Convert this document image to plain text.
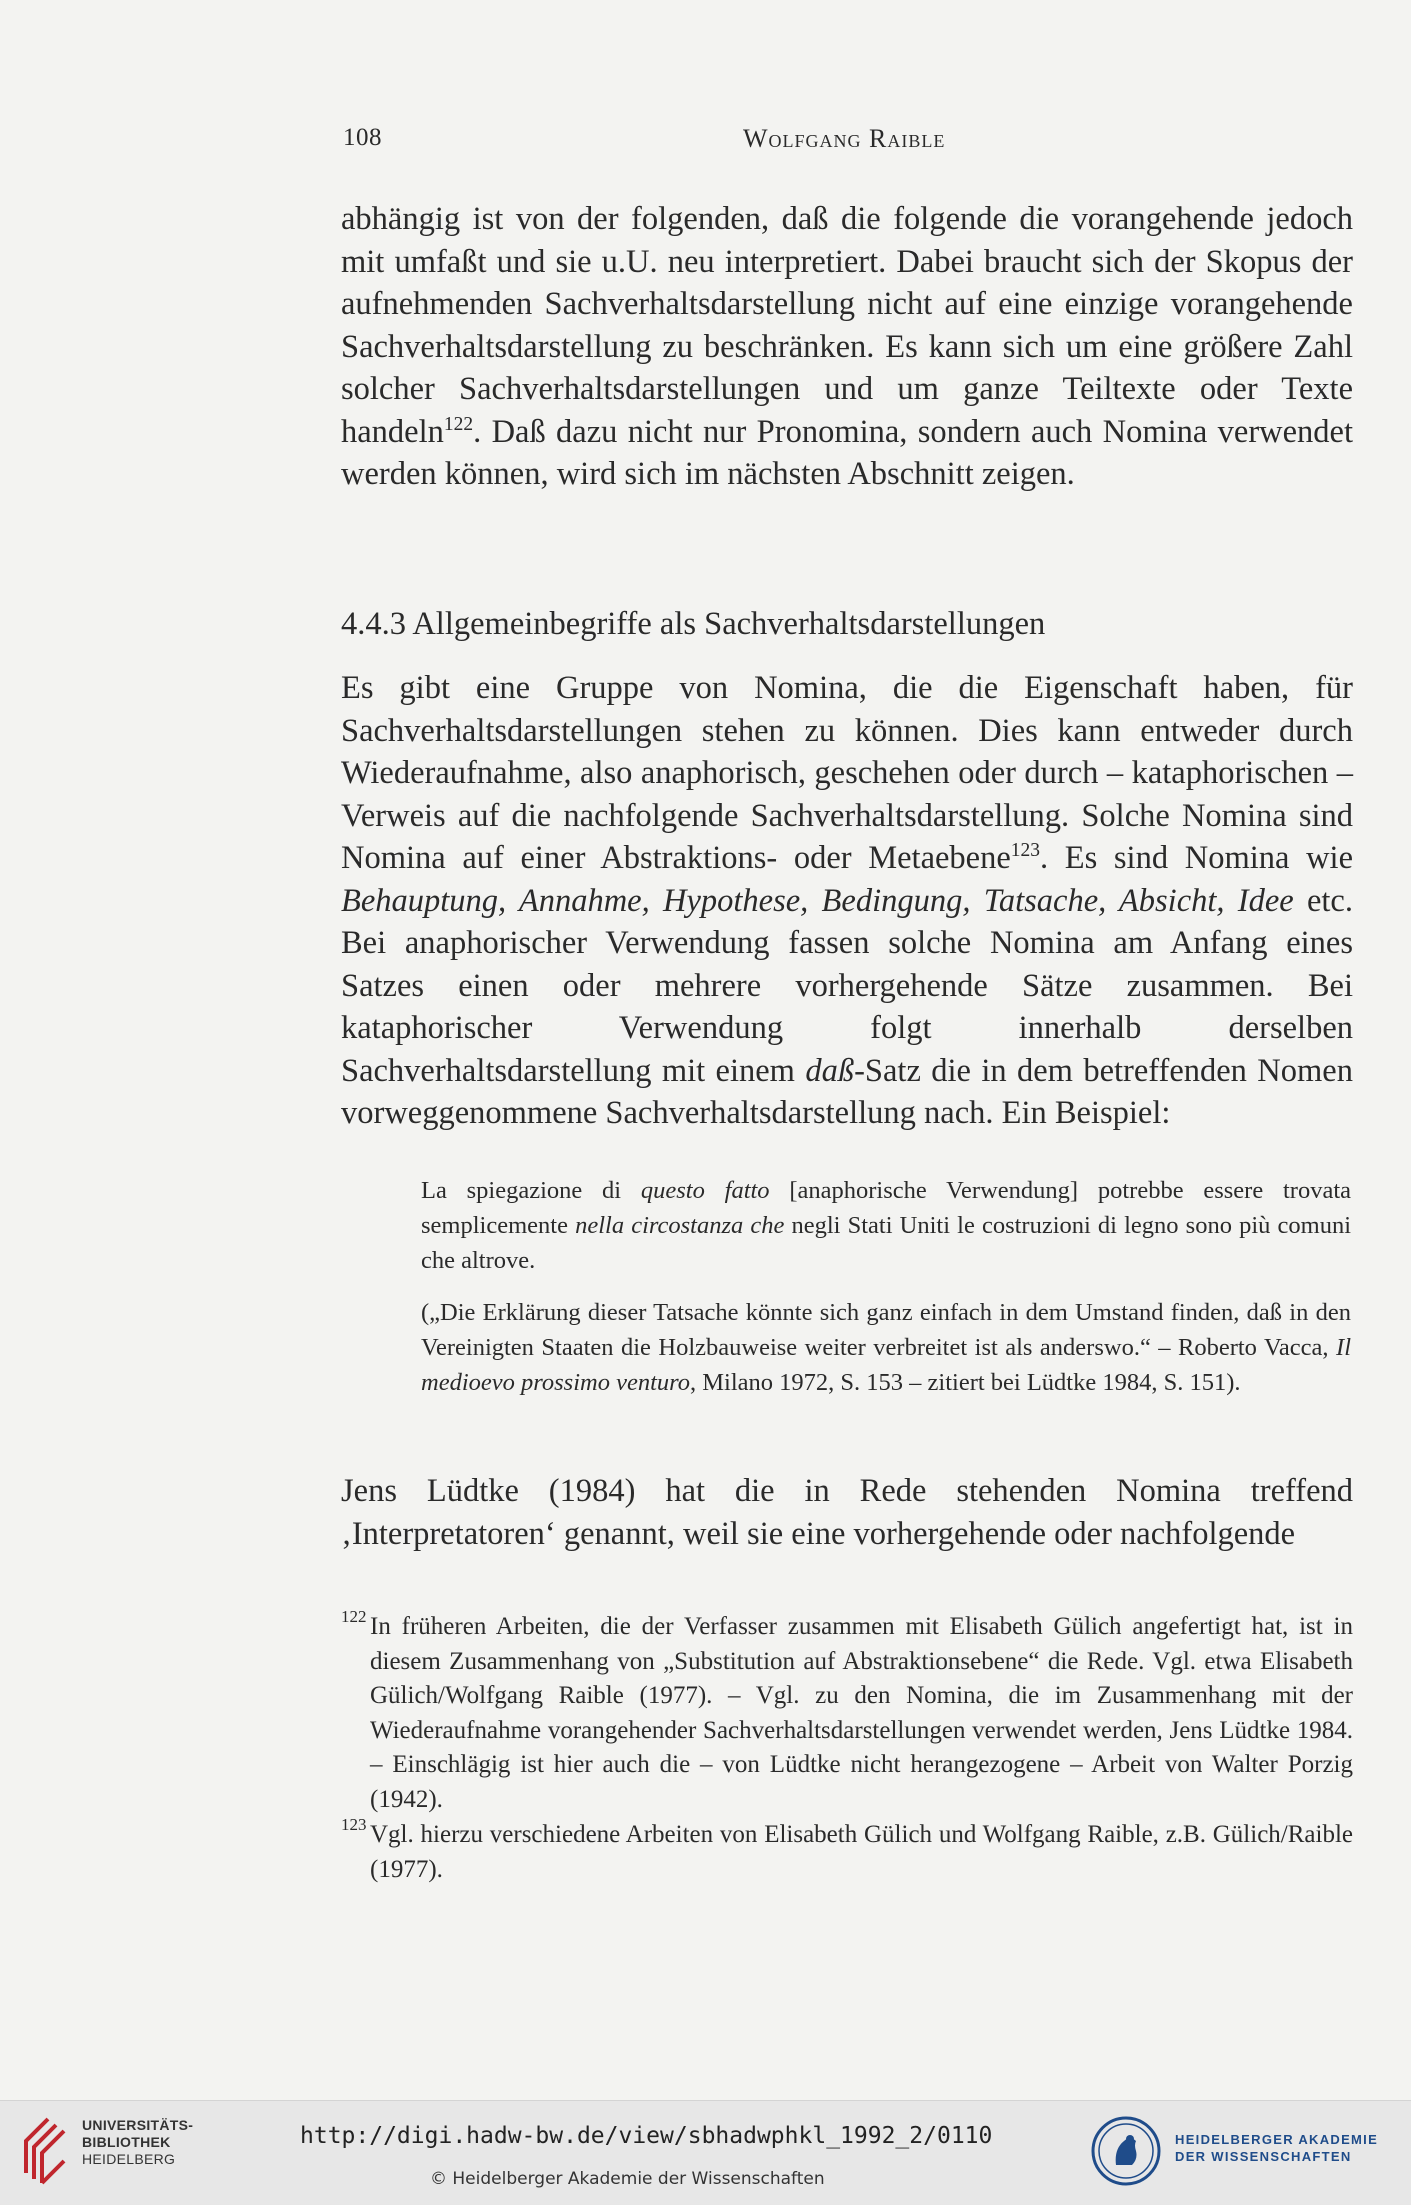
108	Wolfgang Raible
abhängig ist von der folgenden, daß die folgende die vorangehende jedoch mit umfaßt und sie u.U. neu interpretiert. Dabei braucht sich der Skopus der aufnehmenden Sachverhaltsdarstellung nicht auf eine einzige vorangehende Sachverhaltsdarstellung zu beschränken. Es kann sich um eine größere Zahl solcher Sachverhaltsdarstellungen und um ganze Teiltexte oder Texte handeln$^{122}$. Daß dazu nicht nur Pronomina, sondern auch Nomina verwendet werden können, wird sich im nächsten Abschnitt zeigen.
4.4.3 Allgemeinbegriffe als Sachverhaltsdarstellungen
Es gibt eine Gruppe von Nomina, die die Eigenschaft haben, für Sachverhaltsdarstellungen stehen zu können. Dies kann entweder durch Wiederaufnahme, also anaphorisch, geschehen oder durch – kataphorischen – Verweis auf die nachfolgende Sachverhaltsdarstellung. Solche Nomina sind Nomina auf einer Abstraktions- oder Metaebene$^{123}$. Es sind Nomina wie Behauptung, Annahme, Hypothese, Bedingung, Tatsache, Absicht, Idee etc. Bei anaphorischer Verwendung fassen solche Nomina am Anfang eines Satzes einen oder mehrere vorhergehende Sätze zusammen. Bei kataphorischer Verwendung folgt innerhalb derselben Sachverhaltsdarstellung mit einem daß-Satz die in dem betreffenden Nomen vorweggenommene Sachverhaltsdarstellung nach. Ein Beispiel:
La spiegazione di questo fatto [anaphorische Verwendung] potrebbe essere trovata semplicemente nella circostanza che negli Stati Uniti le costruzioni di legno sono più comuni che altrove.
(„Die Erklärung dieser Tatsache könnte sich ganz einfach in dem Umstand finden, daß in den Vereinigten Staaten die Holzbauweise weiter verbreitet ist als anderswo.“ – Roberto Vacca, Il medioevo prossimo venturo, Milano 1972, S. 153 – zitiert bei Lüdtke 1984, S. 151).
Jens Lüdtke (1984) hat die in Rede stehenden Nomina treffend ‚Interpretatoren‘ genannt, weil sie eine vorhergehende oder nachfolgende
122 In früheren Arbeiten, die der Verfasser zusammen mit Elisabeth Gülich angefertigt hat, ist in diesem Zusammenhang von „Substitution auf Abstraktionsebene“ die Rede. Vgl. etwa Elisabeth Gülich/Wolfgang Raible (1977). – Vgl. zu den Nomina, die im Zusammenhang mit der Wiederaufnahme vorangehender Sachverhaltsdarstellungen verwendet werden, Jens Lüdtke 1984. – Einschlägig ist hier auch die – von Lüdtke nicht herangezogene – Arbeit von Walter Porzig (1942).
123 Vgl. hierzu verschiedene Arbeiten von Elisabeth Gülich und Wolfgang Raible, z.B. Gülich/Raible (1977).
UNIVERSITÄTS-
BIBLIOTHEK
HEIDELBERG
http://digi.hadw-bw.de/view/sbhadwphkl_1992_2/0110
© Heidelberger Akademie der Wissenschaften
HEIDELBERGER AKADEMIE
DER WISSENSCHAFTEN
